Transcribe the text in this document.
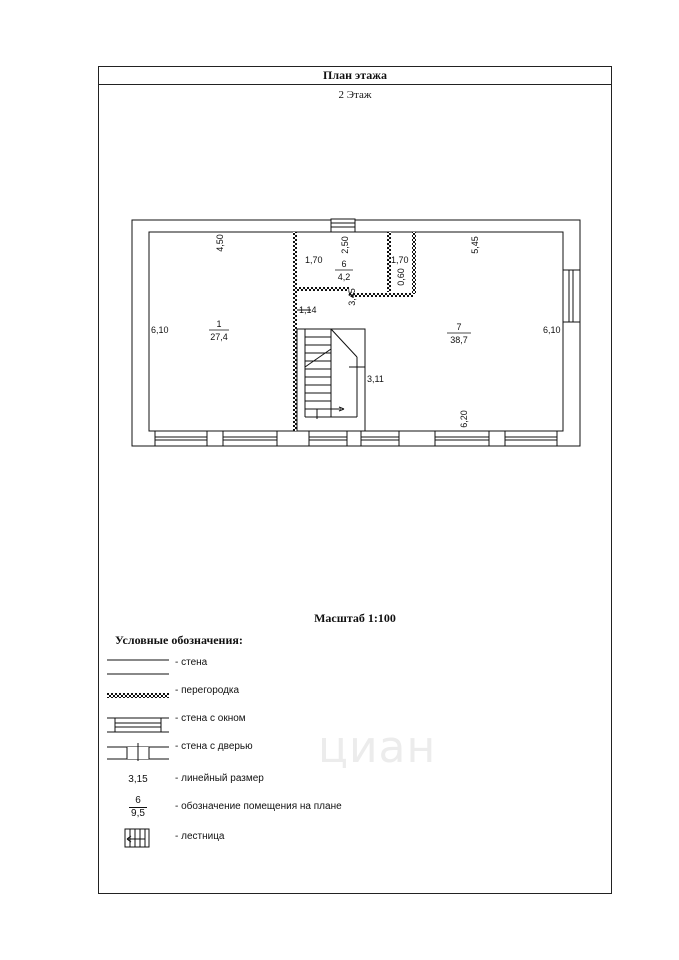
План этажа
2 Этаж
1
27,4
6
4,2
7
38,7
4,50
6,10
2,50
1,70	1,70
0,60
3,45
1,14
3,11
5,45
6,10
6,20
Масштаб 1:100
Условные обозначения:
- стена
- перегородка
- стена с окном
- стена с дверью
3,15	- линейный размер
6
9,5
- обозначение помещения на плане
- лестница
циан
